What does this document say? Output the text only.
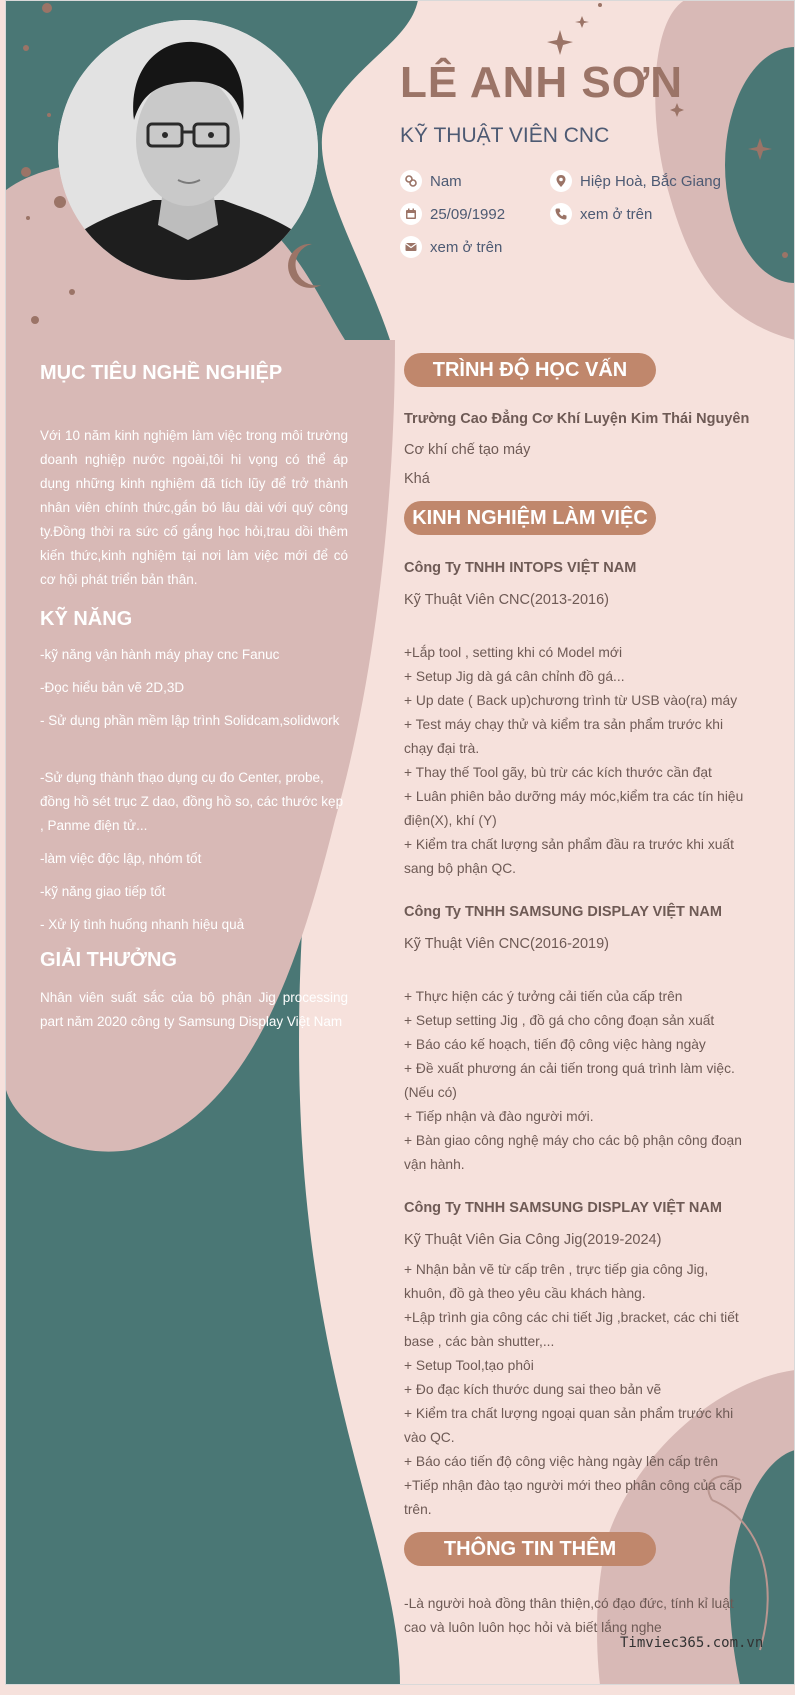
LÊ ANH SƠN
KỸ THUẬT VIÊN CNC
Nam	Hiệp Hoà, Bắc Giang
25/09/1992	xem ở trên
xem ở trên
MỤC TIÊU NGHỀ NGHIỆP
Với 10 năm kinh nghiệm làm việc trong môi trường doanh nghiệp nước ngoài,tôi hi vọng có thể áp dụng những kinh nghiệm đã tích lũy để trở thành nhân viên chính thức,gắn bó lâu dài với quý công ty.Đồng thời ra sức cố gắng học hỏi,trau dồi thêm kiến thức,kinh nghiệm tại nơi làm việc mới để có cơ hội phát triển bản thân.
KỸ NĂNG
-kỹ năng vận hành máy phay cnc Fanuc
-Đọc hiểu bản vẽ 2D,3D
- Sử dụng phần mềm lập trình Solidcam,solidwork
-Sử dụng thành thạo dụng cụ đo Center, probe, đồng hồ sét trục Z dao, đồng hồ so, các thước kẹp , Panme điện tử...
-làm việc độc lập, nhóm tốt
-kỹ năng giao tiếp tốt
- Xử lý tình huống nhanh hiệu quả
GIẢI THƯỞNG
Nhân viên suất sắc của bộ phận Jig processing part năm 2020 công ty Samsung Display Việt Nam
TRÌNH ĐỘ HỌC VẤN
Trường Cao Đẳng Cơ Khí Luyện Kim Thái Nguyên
Cơ khí chế tạo máy
Khá
KINH NGHIỆM LÀM VIỆC
Công Ty TNHH INTOPS VIỆT NAM
Kỹ Thuật Viên CNC(2013-2016)
+Lắp tool , setting khi có Model mới
+ Setup Jig dà gá cân chỉnh đồ gá...
+ Up date ( Back up)chương trình từ USB vào(ra) máy
+ Test máy chạy thử và kiểm tra sản phẩm trước khi chạy đại trà.
+ Thay thế Tool gãy, bù trừ các kích thước cần đạt
+ Luân phiên bảo dưỡng máy móc,kiểm tra các tín hiệu điện(X), khí (Y)
+ Kiểm tra chất lượng sản phẩm đầu ra trước khi xuất sang bộ phận QC.
Công Ty TNHH SAMSUNG DISPLAY VIỆT NAM
Kỹ Thuật Viên CNC(2016-2019)
+ Thực hiện các ý tưởng cải tiến của cấp trên
+ Setup setting Jig , đồ gá cho công đoạn sản xuất
+ Báo cáo kế hoạch, tiến độ công việc hàng ngày
+ Đề xuất phương án cải tiến trong quá trình làm việc.(Nếu có)
+ Tiếp nhận và đào người mới.
+ Bàn giao công nghệ máy cho các bộ phận công đoạn vận hành.
Công Ty TNHH SAMSUNG DISPLAY VIỆT NAM
Kỹ Thuật Viên Gia Công Jig(2019-2024)
+ Nhận bản vẽ từ cấp trên , trực tiếp gia công Jig, khuôn, đồ gà theo yêu cầu khách hàng.
+Lập trình gia công các chi tiết Jig ,bracket, các chi tiết base , các bàn shutter,...
+ Setup Tool,tạo phôi
+ Đo đạc kích thước dung sai theo bản vẽ
+ Kiểm tra chất lượng ngoại quan sản phẩm trước khi vào QC.
+ Báo cáo tiến độ công việc hàng ngày lên cấp trên
+Tiếp nhận đào tạo người mới theo phân công của cấp trên.
THÔNG TIN THÊM
-Là người hoà đồng thân thiện,có đạo đức, tính kỉ luật cao và luôn luôn học hỏi và biết lắng nghe
Timviec365.com.vn
